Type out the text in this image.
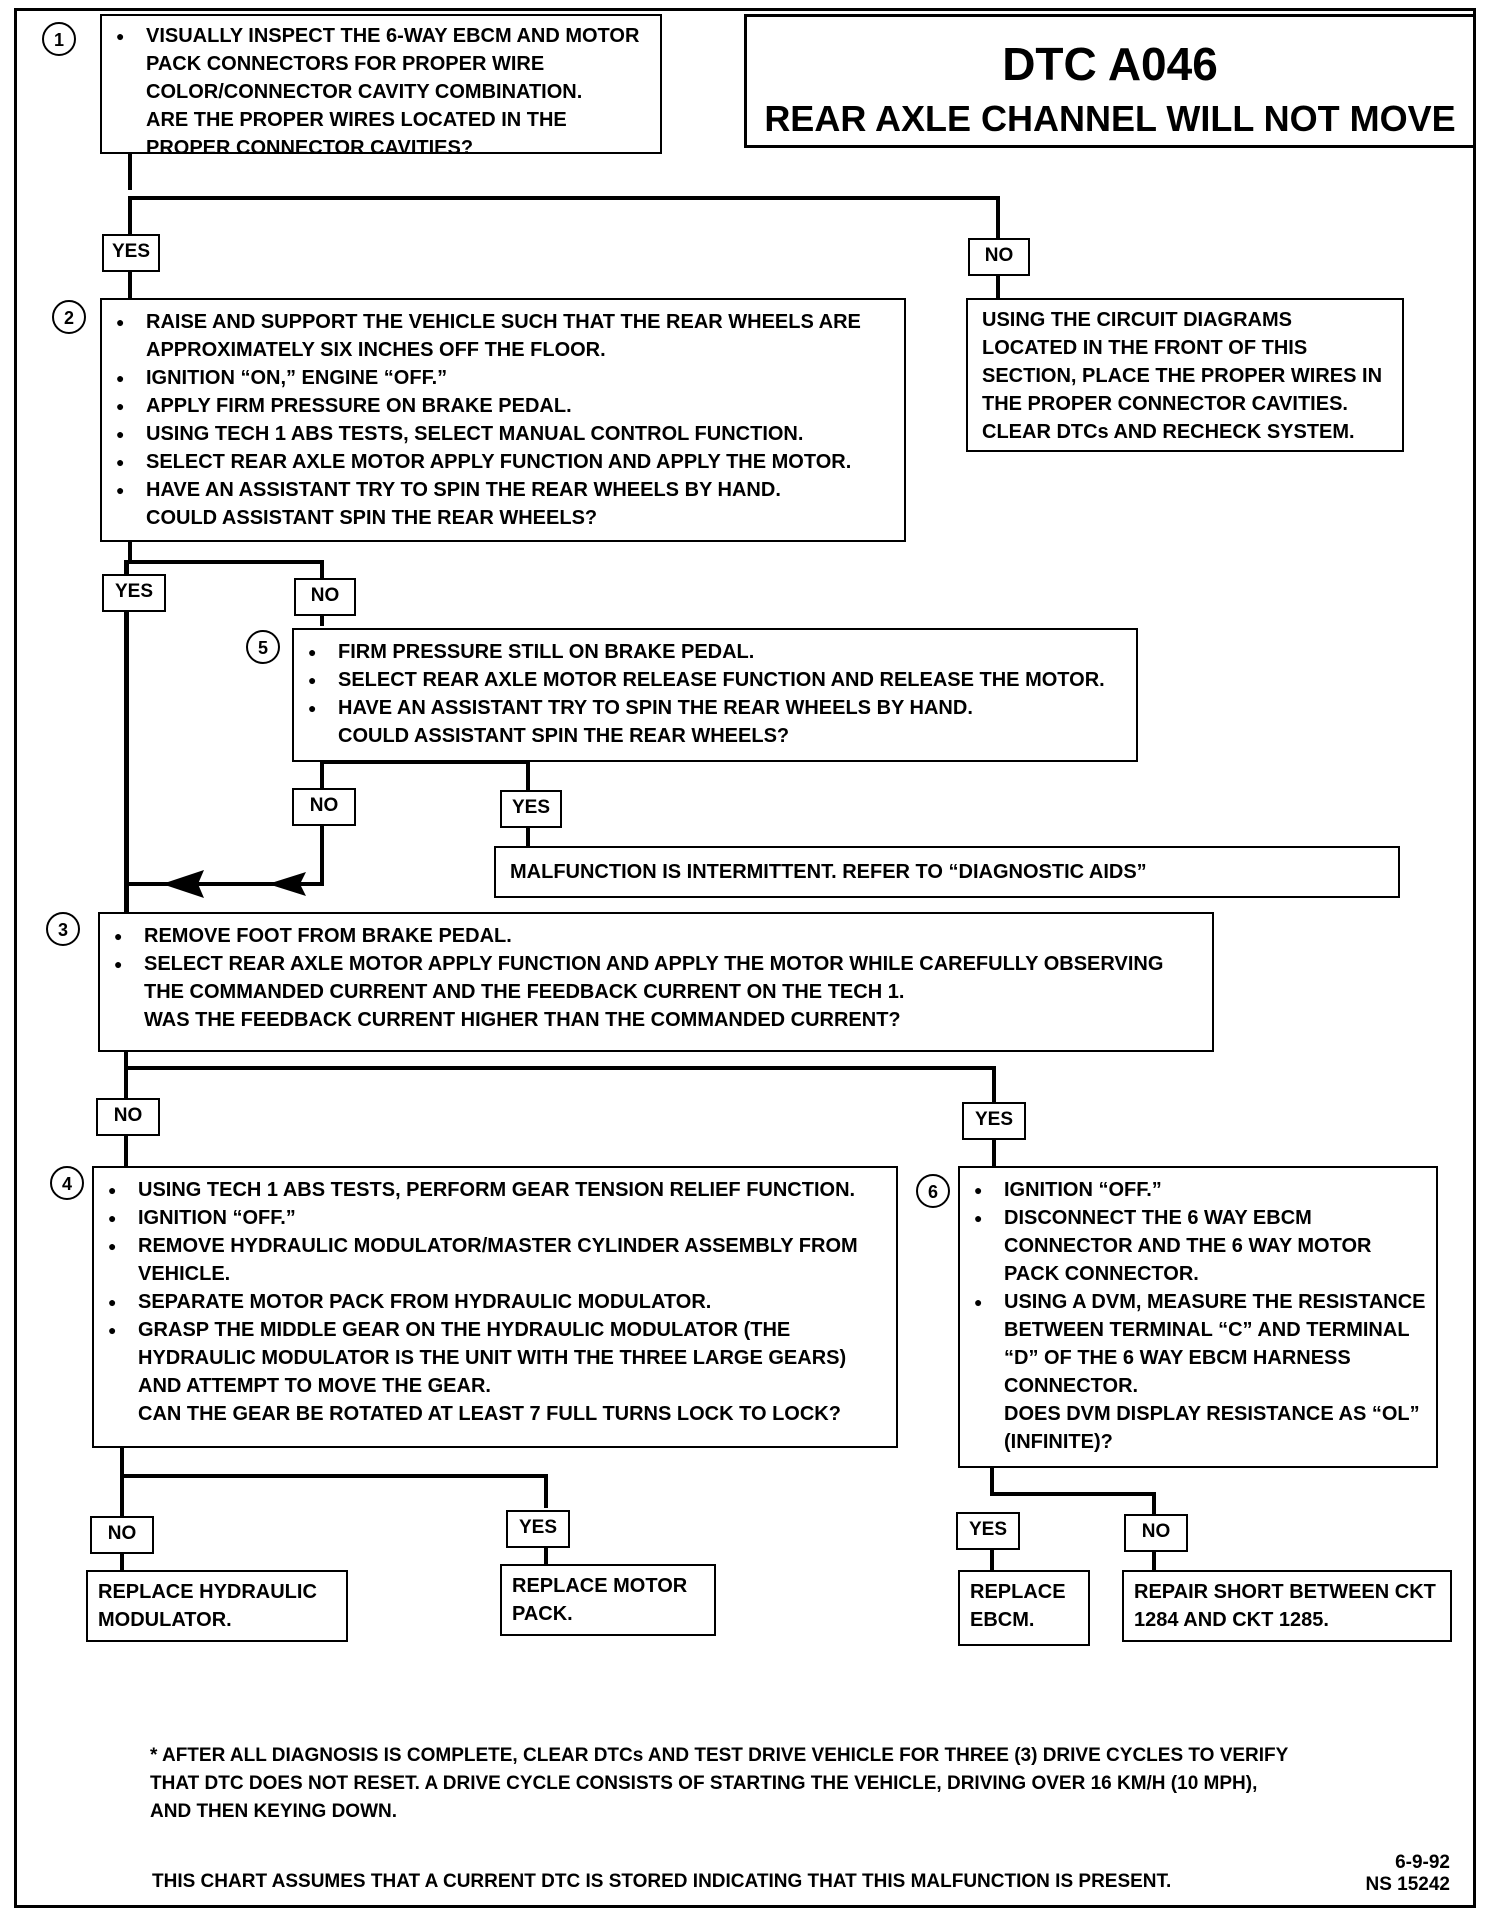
DTC A046
REAR AXLE CHANNEL WILL NOT MOVE
1	● VISUALLY INSPECT THE 6-WAY EBCM AND MOTOR PACK CONNECTORS FOR PROPER WIRE COLOR/CONNECTOR CAVITY COMBINATION.
ARE THE PROPER WIRES LOCATED IN THE PROPER CONNECTOR CAVITIES?
YES	NO
USING THE CIRCUIT DIAGRAMS LOCATED IN THE FRONT OF THIS SECTION, PLACE THE PROPER WIRES IN THE PROPER CONNECTOR CAVITIES. CLEAR DTCs AND RECHECK SYSTEM.
2	● RAISE AND SUPPORT THE VEHICLE SUCH THAT THE REAR WHEELS ARE APPROXIMATELY SIX INCHES OFF THE FLOOR.
● IGNITION “ON,” ENGINE “OFF.”
● APPLY FIRM PRESSURE ON BRAKE PEDAL.
● USING TECH 1 ABS TESTS, SELECT MANUAL CONTROL FUNCTION.
● SELECT REAR AXLE MOTOR APPLY FUNCTION AND APPLY THE MOTOR.
● HAVE AN ASSISTANT TRY TO SPIN THE REAR WHEELS BY HAND.
COULD ASSISTANT SPIN THE REAR WHEELS?
YES	NO
5	● FIRM PRESSURE STILL ON BRAKE PEDAL.
● SELECT REAR AXLE MOTOR RELEASE FUNCTION AND RELEASE THE MOTOR.
● HAVE AN ASSISTANT TRY TO SPIN THE REAR WHEELS BY HAND.
COULD ASSISTANT SPIN THE REAR WHEELS?
NO	YES
MALFUNCTION IS INTERMITTENT. REFER TO “DIAGNOSTIC AIDS”
3	● REMOVE FOOT FROM BRAKE PEDAL.
● SELECT REAR AXLE MOTOR APPLY FUNCTION AND APPLY THE MOTOR WHILE CAREFULLY OBSERVING THE COMMANDED CURRENT AND THE FEEDBACK CURRENT ON THE TECH 1.
WAS THE FEEDBACK CURRENT HIGHER THAN THE COMMANDED CURRENT?
NO	YES
4	● USING TECH 1 ABS TESTS, PERFORM GEAR TENSION RELIEF FUNCTION.
● IGNITION “OFF.”
● REMOVE HYDRAULIC MODULATOR/MASTER CYLINDER ASSEMBLY FROM VEHICLE.
● SEPARATE MOTOR PACK FROM HYDRAULIC MODULATOR.
● GRASP THE MIDDLE GEAR ON THE HYDRAULIC MODULATOR (THE HYDRAULIC MODULATOR IS THE UNIT WITH THE THREE LARGE GEARS) AND ATTEMPT TO MOVE THE GEAR.
CAN THE GEAR BE ROTATED AT LEAST 7 FULL TURNS LOCK TO LOCK?
6	● IGNITION “OFF.”
● DISCONNECT THE 6 WAY EBCM CONNECTOR AND THE 6 WAY MOTOR PACK CONNECTOR.
● USING A DVM, MEASURE THE RESISTANCE BETWEEN TERMINAL “C” AND TERMINAL “D” OF THE 6 WAY EBCM HARNESS CONNECTOR.
DOES DVM DISPLAY RESISTANCE AS “OL” (INFINITE)?
NO	YES	YES	NO
REPLACE HYDRAULIC MODULATOR.
REPLACE MOTOR PACK.
REPLACE EBCM.
REPAIR SHORT BETWEEN CKT 1284 AND CKT 1285.
* AFTER ALL DIAGNOSIS IS COMPLETE, CLEAR DTCs AND TEST DRIVE VEHICLE FOR THREE (3) DRIVE CYCLES TO VERIFY THAT DTC DOES NOT RESET. A DRIVE CYCLE CONSISTS OF STARTING THE VEHICLE, DRIVING OVER 16 KM/H (10 MPH), AND THEN KEYING DOWN.
THIS CHART ASSUMES THAT A CURRENT DTC IS STORED INDICATING THAT THIS MALFUNCTION IS PRESENT.
6-9-92
NS 15242
